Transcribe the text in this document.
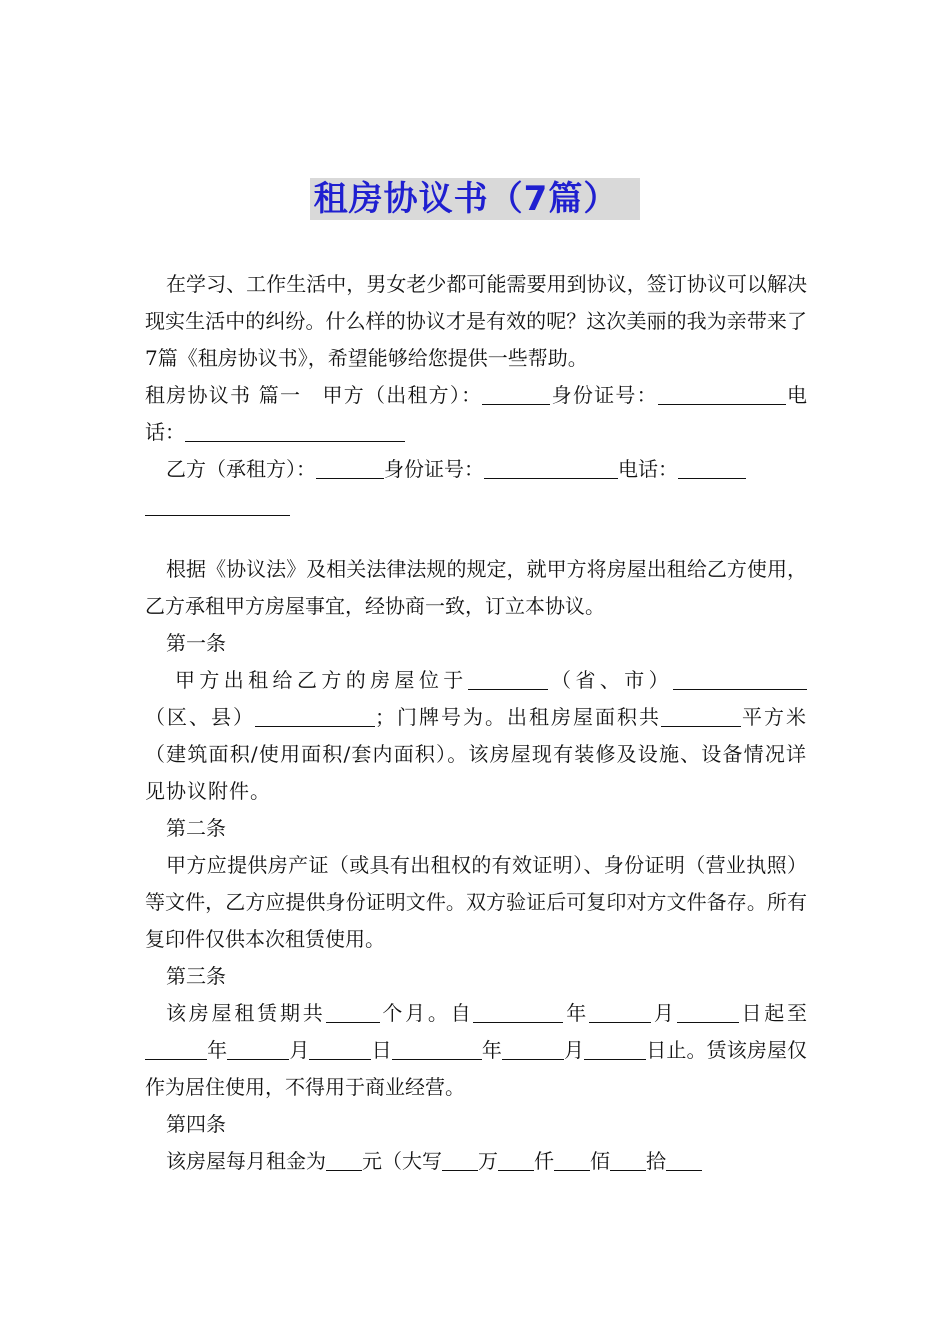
租房协议书（7篇）

在学习、工作生活中，男女老少都可能需要用到协议，签订协议可以解决现实生活中的纠纷。什么样的协议才是有效的呢？这次美丽的我为亲带来了7篇《租房协议书》，希望能够给您提供一些帮助。

租房协议书 篇一　 甲方（出租方）：	身份证号：	电话：

乙方（承租方）：	身份证号：	电话：

根据《协议法》及相关法律法规的规定，就甲方将房屋出租给乙方使用，乙方承租甲方房屋事宜，经协商一致，订立本协议。

第一条

甲方出租给乙方的房屋位于	（省、市）（区、县）	；门牌号为。出租房屋面积共	平方米（建筑面积/使用面积/套内面积）。该房屋现有装修及设施、设备情况详见协议附件。

第二条

甲方应提供房产证（或具有出租权的有效证明）、身份证明（营业执照）等文件，乙方应提供身份证明文件。双方验证后可复印对方文件备存。所有复印件仅供本次租赁使用。

第三条

该房屋租赁期共	个月。自	年	月	日起至年	月	日	年	月	日止。赁该房屋仅作为居住使用，不得用于商业经营。

第四条

该房屋每月租金为 元（大写 万 仟 佰 拾
